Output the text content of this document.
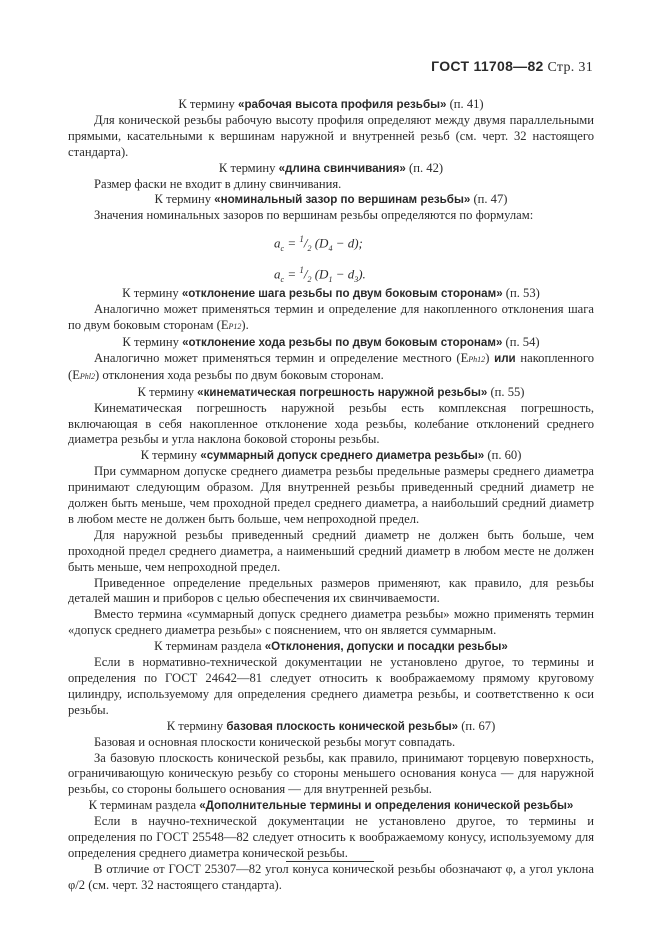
ГОСТ 11708—82 Стр. 31
К термину «рабочая высота профиля резьбы» (п. 41)
Для конической резьбы рабочую высоту профиля определяют между двумя параллельными прямыми, касательными к вершинам наружной и внутренней резьб (см. черт. 32 настоящего стандарта).
К термину «длина свинчивания» (п. 42)
Размер фаски не входит в длину свинчивания.
К термину «номинальный зазор по вершинам резьбы» (п. 47)
Значения номинальных зазоров по вершинам резьбы определяются по формулам:
$a_c = ^1/_2$ $(D_4 - d)$;
$a_c = ^1/_2$ $(D_1 - d_3)$.
К термину «отклонение шага резьбы по двум боковым сторонам» (п. 53)
Аналогично может применяться термин и определение для накопленного отклонения шага по двум боковым сторонам (EP12).
К термину «отклонение хода резьбы по двум боковым сторонам» (п. 54)
Аналогично может применяться термин и определение местного (EPh12) или накопленного (EPhl2) отклонения хода резьбы по двум боковым сторонам.
К термину «кинематическая погрешность наружной резьбы» (п. 55)
Кинематическая погрешность наружной резьбы есть комплексная погрешность, включающая в себя накопленное отклонение хода резьбы, колебание отклонений среднего диаметра резьбы и угла наклона боковой стороны резьбы.
К термину «суммарный допуск среднего диаметра резьбы» (п. 60)
При суммарном допуске среднего диаметра резьбы предельные размеры среднего диаметра принимают следующим образом. Для внутренней резьбы приведенный средний диаметр не должен быть меньше, чем проходной предел среднего диаметра, а наибольший средний диаметр в любом месте не должен быть больше, чем непроходной предел.
Для наружной резьбы приведенный средний диаметр не должен быть больше, чем проходной предел среднего диаметра, а наименьший средний диаметр в любом месте не должен быть меньше, чем непроходной предел.
Приведенное определение предельных размеров применяют, как правило, для резьбы деталей машин и приборов с целью обеспечения их свинчиваемости.
Вместо термина «суммарный допуск среднего диаметра резьбы» можно применять термин «допуск среднего диаметра резьбы» с пояснением, что он является суммарным.
К терминам раздела «Отклонения, допуски и посадки резьбы»
Если в нормативно-технической документации не установлено другое, то термины и определения по ГОСТ 24642—81 следует относить к воображаемому прямому круговому цилиндру, используемому для определения среднего диаметра резьбы, и соответственно к оси резьбы.
К термину базовая плоскость конической резьбы» (п. 67)
Базовая и основная плоскости конической резьбы могут совпадать.
За базовую плоскость конической резьбы, как правило, принимают торцевую поверхность, ограничивающую коническую резьбу со стороны меньшего основания конуса — для наружной резьбы, со стороны большего основания — для внутренней резьбы.
К терминам раздела «Дополнительные термины и определения конической резьбы»
Если в научно-технической документации не установлено другое, то термины и определения по ГОСТ 25548—82 следует относить к воображаемому конусу, используемому для определения среднего диаметра конической резьбы.
В отличие от ГОСТ 25307—82 угол конуса конической резьбы обозначают φ, а угол уклона φ/2 (см. черт. 32 настоящего стандарта).
